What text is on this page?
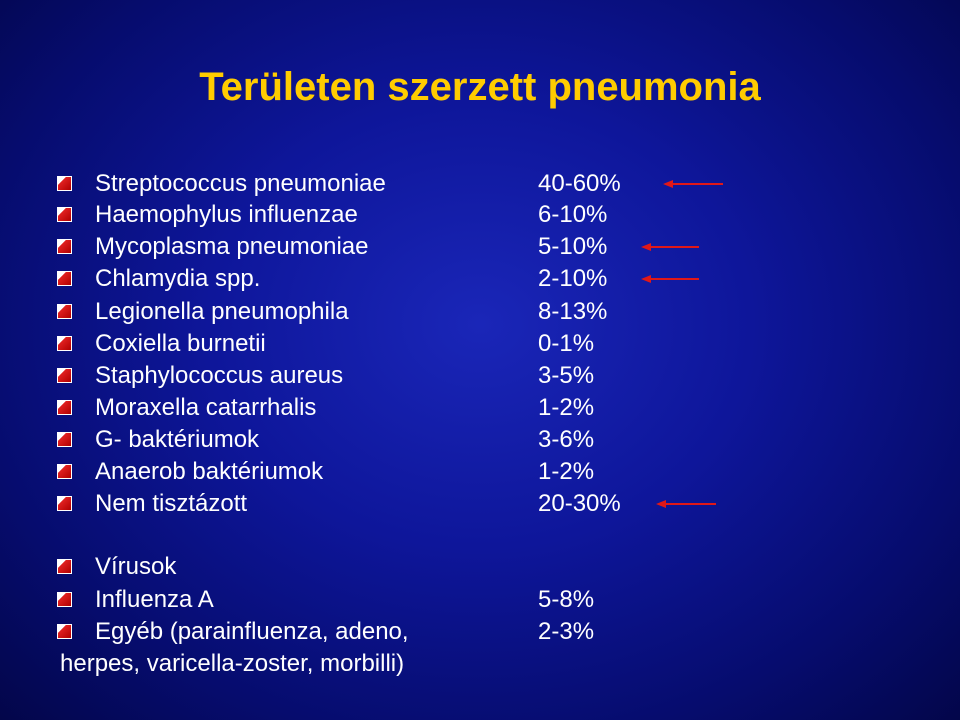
Területen szerzett pneumonia
Streptococcus pneumoniae	40-60%
Haemophylus influenzae	6-10%
Mycoplasma pneumoniae	5-10%
Chlamydia spp.	2-10%
Legionella pneumophila	8-13%
Coxiella burnetii	0-1%
Staphylococcus aureus	3-5%
Moraxella catarrhalis	1-2%
G- baktériumok	3-6%
Anaerob baktériumok	1-2%
Nem tisztázott	20-30%
Vírusok
Influenza A	5-8%
Egyéb (parainfluenza, adeno,	2-3%
herpes, varicella-zoster, morbilli)
